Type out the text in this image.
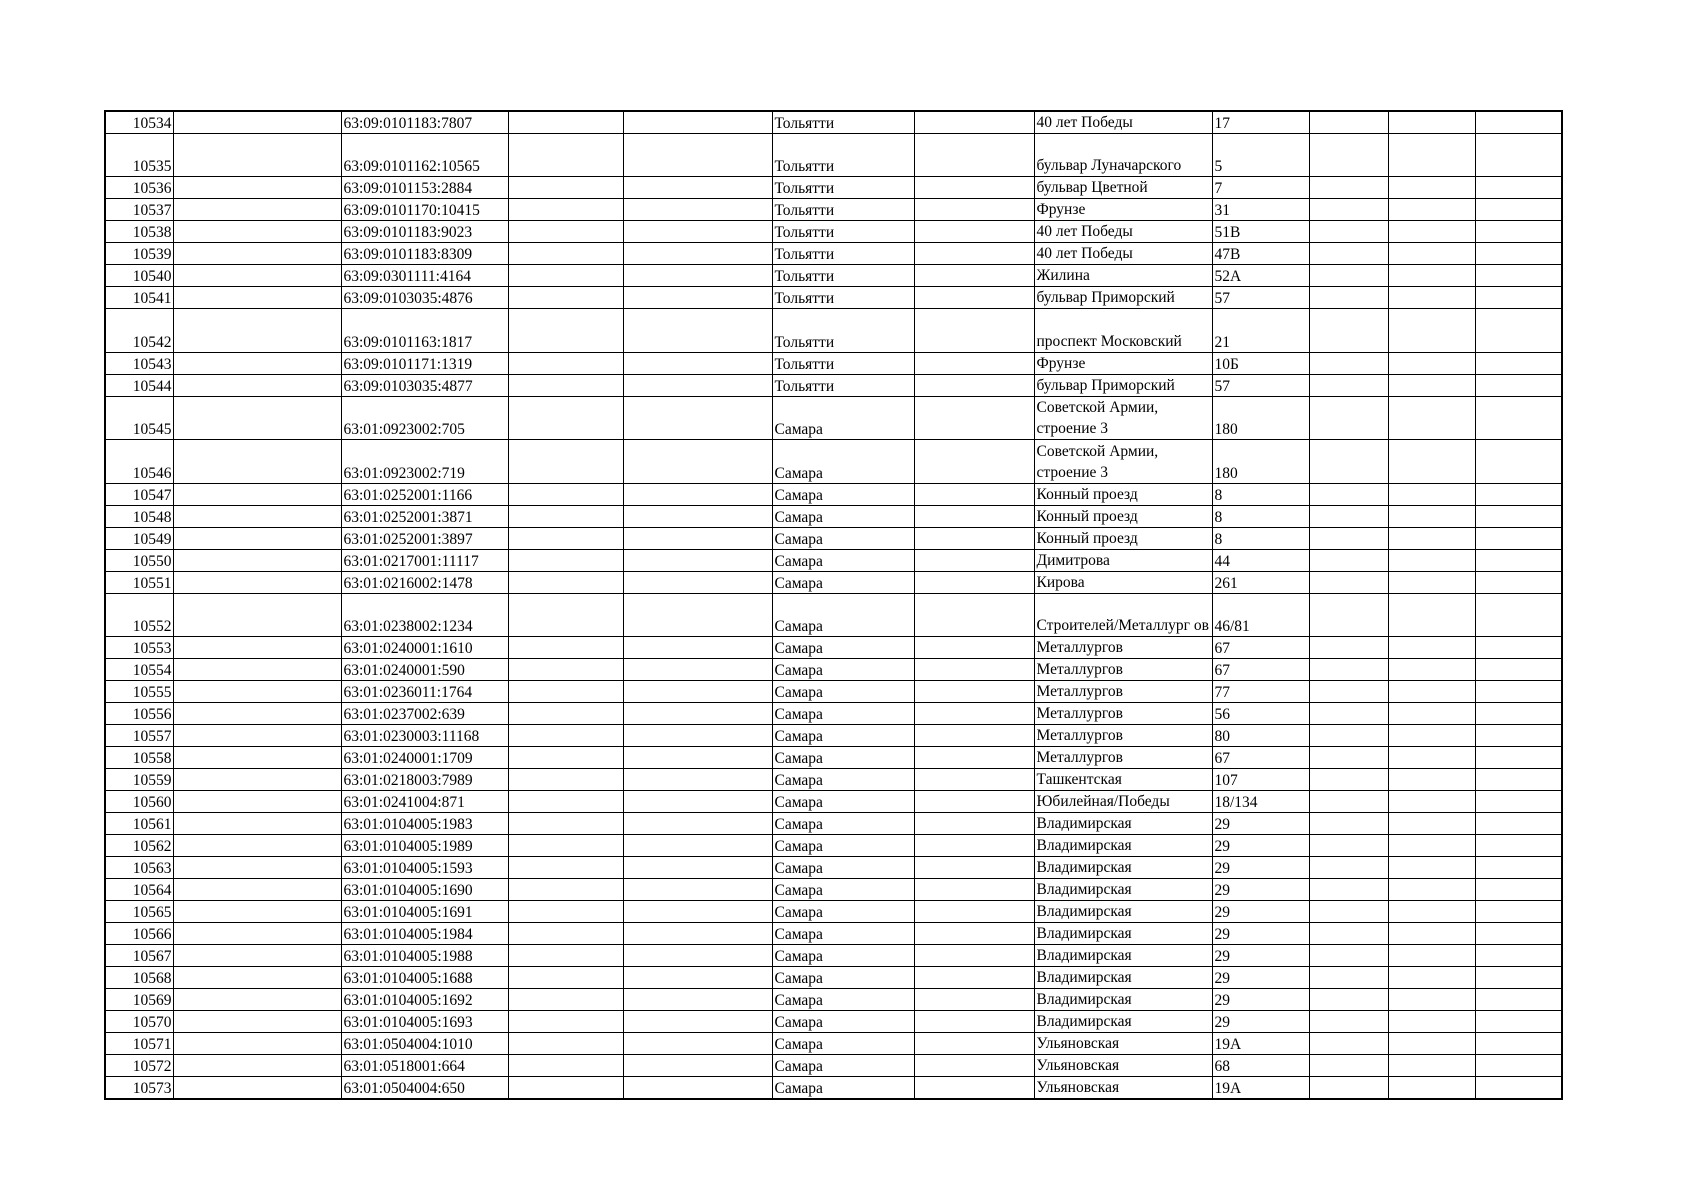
10534		63:09:0101183:7807			Тольятти		40 лет Победы	17			
10535		63:09:0101162:10565			Тольятти		бульвар Луначарского	5			
10536		63:09:0101153:2884			Тольятти		бульвар Цветной	7			
10537		63:09:0101170:10415			Тольятти		Фрунзе	31			
10538		63:09:0101183:9023			Тольятти		40 лет Победы	51В			
10539		63:09:0101183:8309			Тольятти		40 лет Победы	47В			
10540		63:09:0301111:4164			Тольятти		Жилина	52А			
10541		63:09:0103035:4876			Тольятти		бульвар Приморский	57			
10542		63:09:0101163:1817			Тольятти		проспект Московский	21			
10543		63:09:0101171:1319			Тольятти		Фрунзе	10Б			
10544		63:09:0103035:4877			Тольятти		бульвар Приморский	57			
10545		63:01:0923002:705			Самара		Советской Армии, строение 3	180			
10546		63:01:0923002:719			Самара		Советской Армии, строение 3	180			
10547		63:01:0252001:1166			Самара		Конный проезд	8			
10548		63:01:0252001:3871			Самара		Конный проезд	8			
10549		63:01:0252001:3897			Самара		Конный проезд	8			
10550		63:01:0217001:11117			Самара		Димитрова	44			
10551		63:01:0216002:1478			Самара		Кирова	261			
10552		63:01:0238002:1234			Самара		Строителей/Металлург ов	46/81			
10553		63:01:0240001:1610			Самара		Металлургов	67			
10554		63:01:0240001:590			Самара		Металлургов	67			
10555		63:01:0236011:1764			Самара		Металлургов	77			
10556		63:01:0237002:639			Самара		Металлургов	56			
10557		63:01:0230003:11168			Самара		Металлургов	80			
10558		63:01:0240001:1709			Самара		Металлургов	67			
10559		63:01:0218003:7989			Самара		Ташкентская	107			
10560		63:01:0241004:871			Самара		Юбилейная/Победы	18/134			
10561		63:01:0104005:1983			Самара		Владимирская	29			
10562		63:01:0104005:1989			Самара		Владимирская	29			
10563		63:01:0104005:1593			Самара		Владимирская	29			
10564		63:01:0104005:1690			Самара		Владимирская	29			
10565		63:01:0104005:1691			Самара		Владимирская	29			
10566		63:01:0104005:1984			Самара		Владимирская	29			
10567		63:01:0104005:1988			Самара		Владимирская	29			
10568		63:01:0104005:1688			Самара		Владимирская	29			
10569		63:01:0104005:1692			Самара		Владимирская	29			
10570		63:01:0104005:1693			Самара		Владимирская	29			
10571		63:01:0504004:1010			Самара		Ульяновская	19А			
10572		63:01:0518001:664			Самара		Ульяновская	68			
10573		63:01:0504004:650			Самара		Ульяновская	19А			
